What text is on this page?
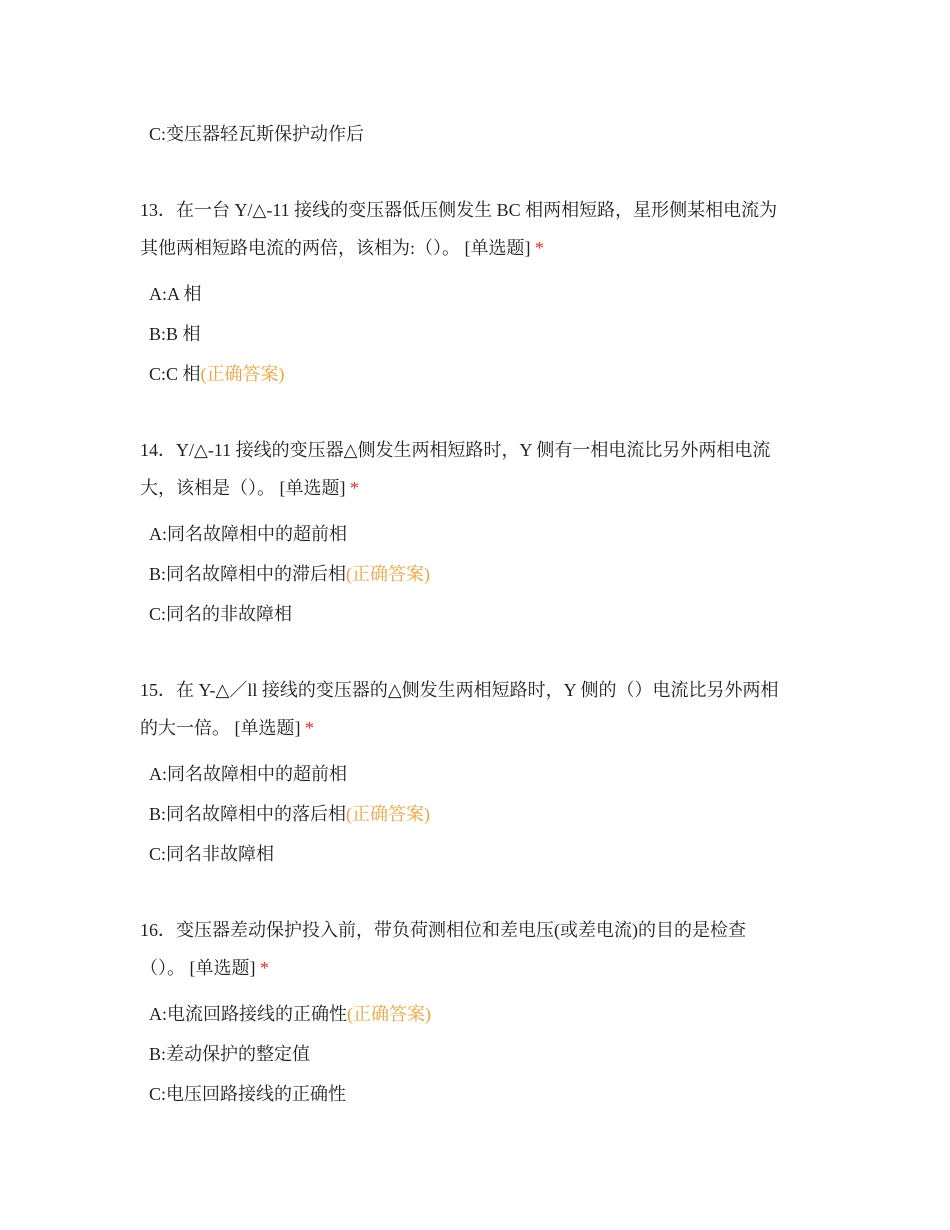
C:变压器轻瓦斯保护动作后
13．在一台 Y/△-11 接线的变压器低压侧发生 BC 相两相短路，星形侧某相电流为
其他两相短路电流的两倍，该相为:（）。 [单选题] *
A:A 相
B:B 相
C:C 相(正确答案)
14．Y/△-11 接线的变压器△侧发生两相短路时，Y 侧有一相电流比另外两相电流
大，该相是（）。 [单选题] *
A:同名故障相中的超前相
B:同名故障相中的滞后相(正确答案)
C:同名的非故障相
15．在 Y-△／ll 接线的变压器的△侧发生两相短路时，Y 侧的（）电流比另外两相
的大一倍。 [单选题] *
A:同名故障相中的超前相
B:同名故障相中的落后相(正确答案)
C:同名非故障相
16．变压器差动保护投入前，带负荷测相位和差电压(或差电流)的目的是检查
（）。 [单选题] *
A:电流回路接线的正确性(正确答案)
B:差动保护的整定值
C:电压回路接线的正确性
